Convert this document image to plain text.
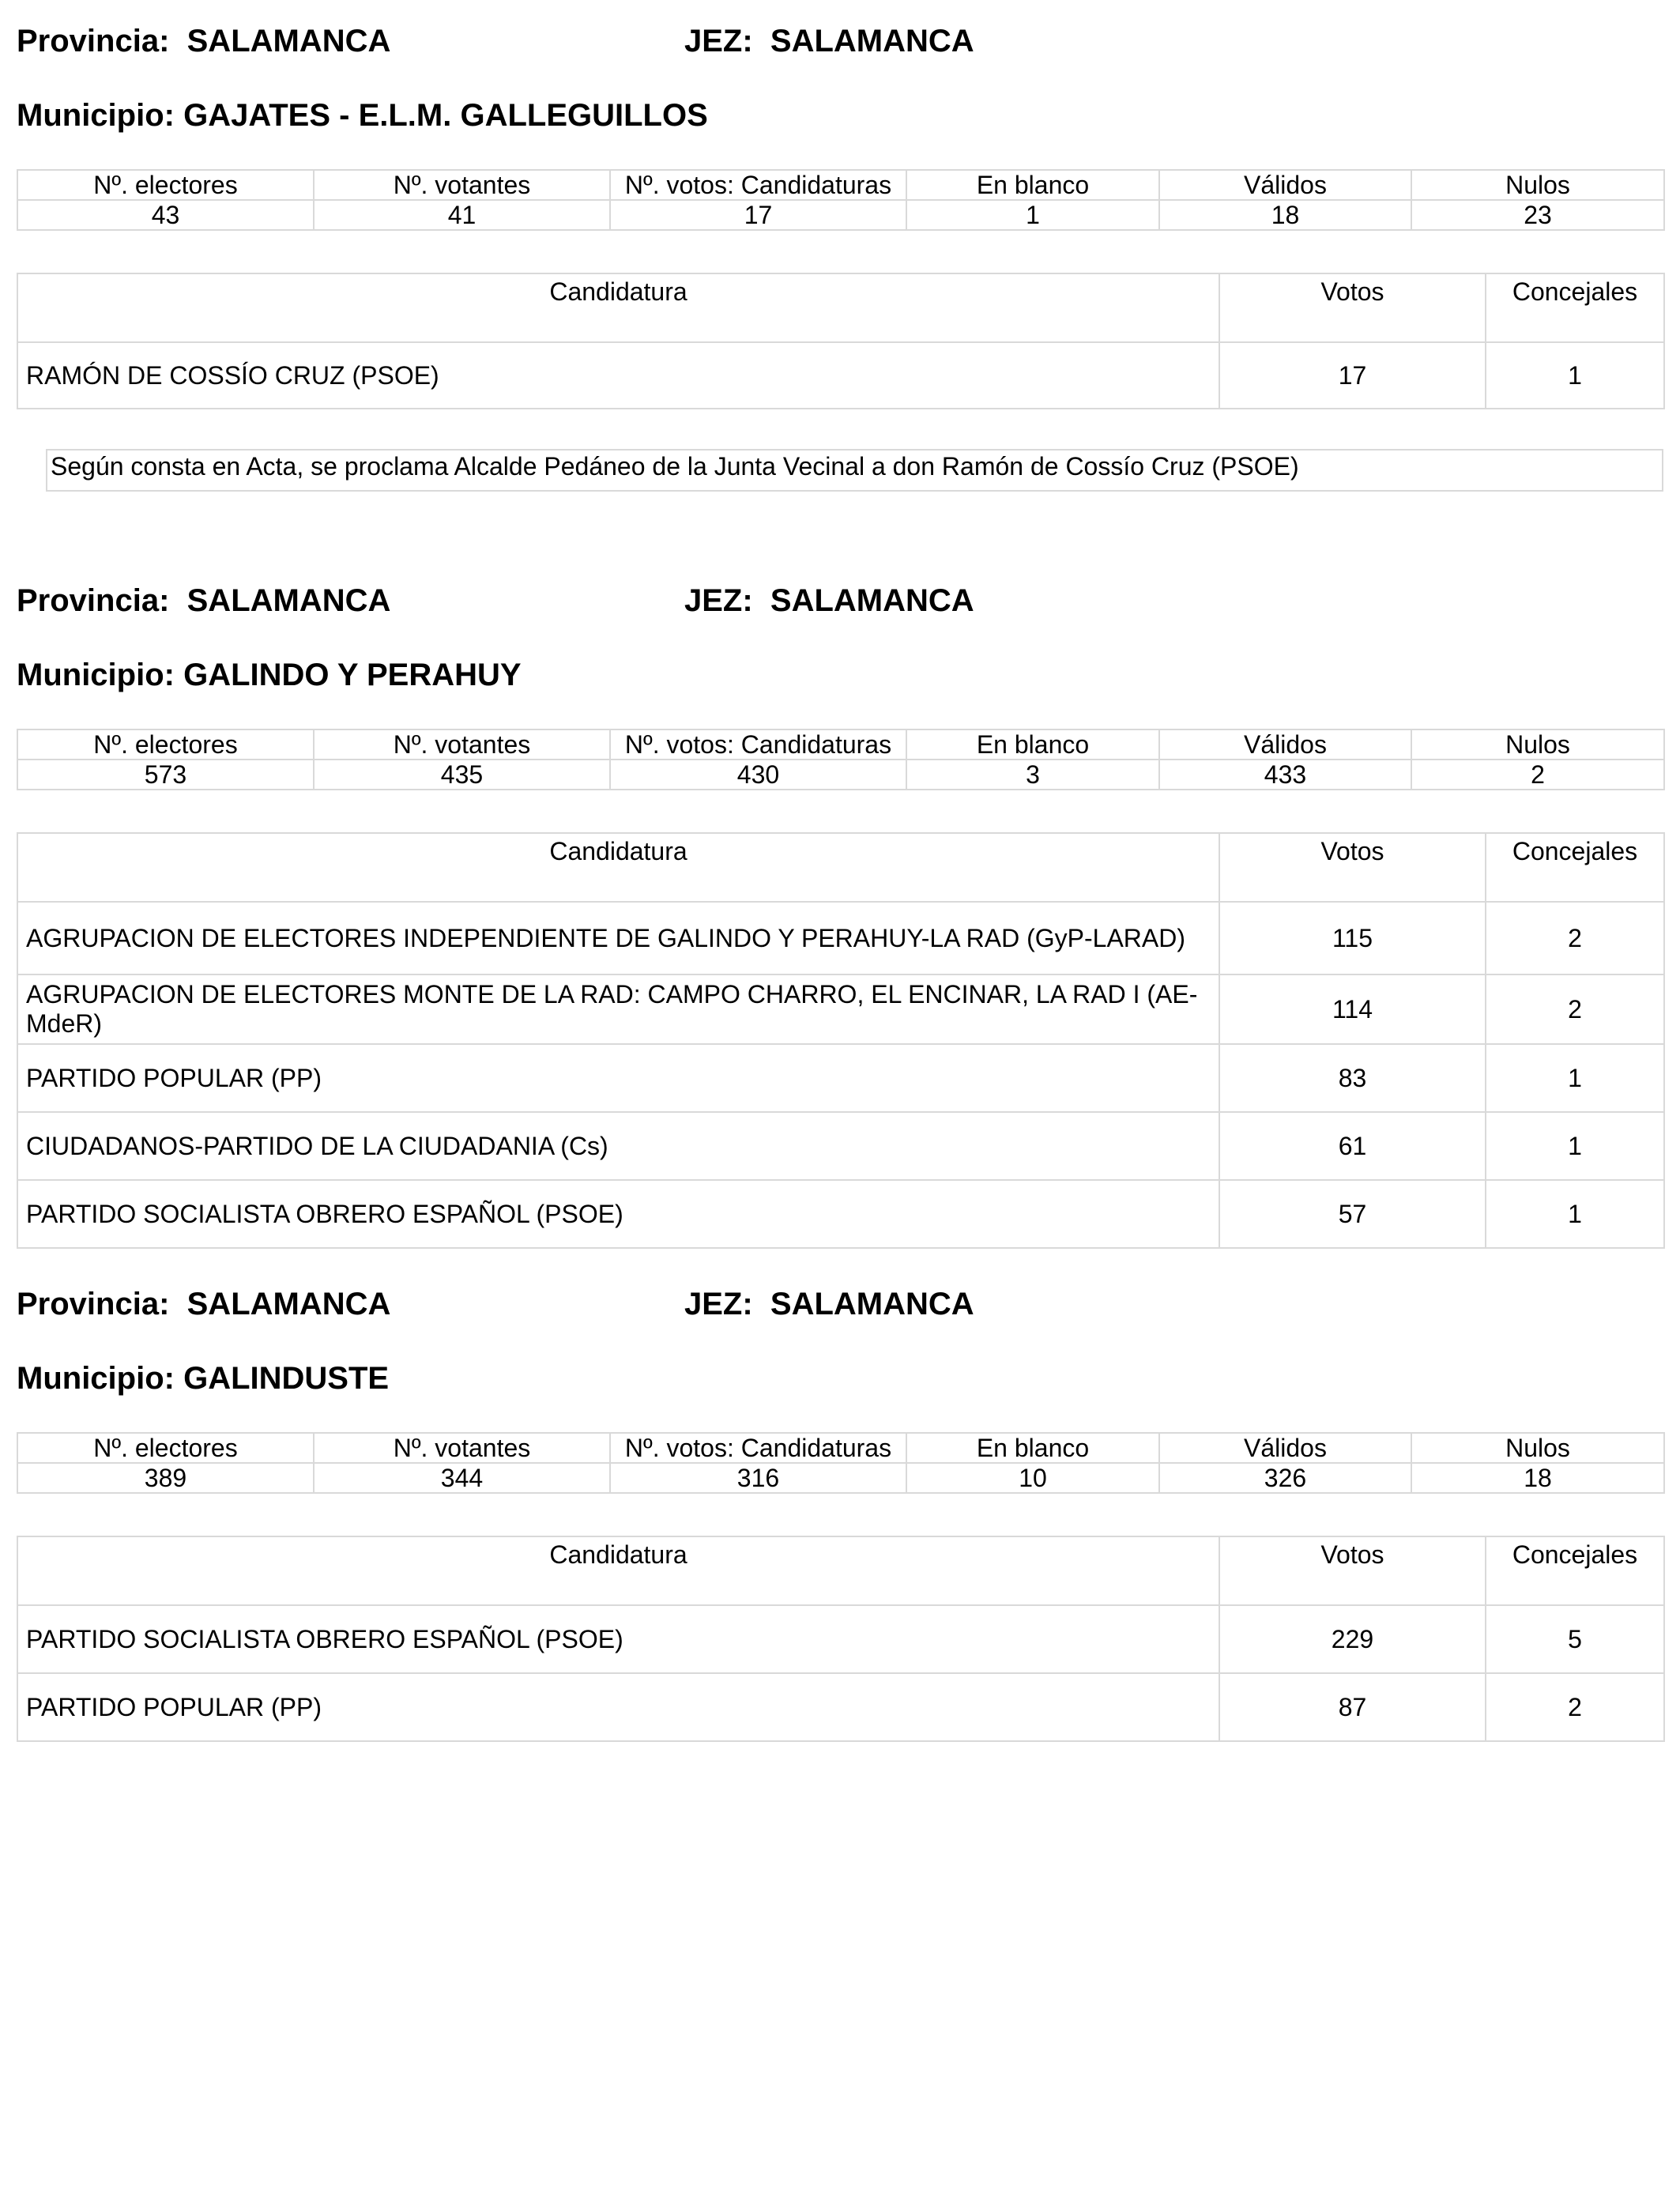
Provincia:  SALAMANCA	JEZ:  SALAMANCA
Municipio: GAJATES - E.L.M. GALLEGUILLOS
Nº. electores	Nº. votantes	Nº. votos: Candidaturas	En blanco	Válidos	Nulos
43	41	17	1	18	23
Candidatura	Votos	Concejales
RAMÓN DE COSSÍO CRUZ (PSOE)	17	1
Según consta en Acta, se proclama Alcalde Pedáneo de la Junta Vecinal a don Ramón de Cossío Cruz (PSOE)
Provincia:  SALAMANCA	JEZ:  SALAMANCA
Municipio: GALINDO Y PERAHUY
Nº. electores	Nº. votantes	Nº. votos: Candidaturas	En blanco	Válidos	Nulos
573	435	430	3	433	2
Candidatura	Votos	Concejales
AGRUPACION DE ELECTORES INDEPENDIENTE DE GALINDO Y PERAHUY-LA RAD (GyP-LARAD)	115	2
AGRUPACION DE ELECTORES MONTE DE LA RAD: CAMPO CHARRO, EL ENCINAR, LA RAD I (AE-MdeR)	114	2
PARTIDO POPULAR (PP)	83	1
CIUDADANOS-PARTIDO DE LA CIUDADANIA (Cs)	61	1
PARTIDO SOCIALISTA OBRERO ESPAÑOL (PSOE)	57	1
Provincia:  SALAMANCA	JEZ:  SALAMANCA
Municipio: GALINDUSTE
Nº. electores	Nº. votantes	Nº. votos: Candidaturas	En blanco	Válidos	Nulos
389	344	316	10	326	18
Candidatura	Votos	Concejales
PARTIDO SOCIALISTA OBRERO ESPAÑOL (PSOE)	229	5
PARTIDO POPULAR (PP)	87	2
